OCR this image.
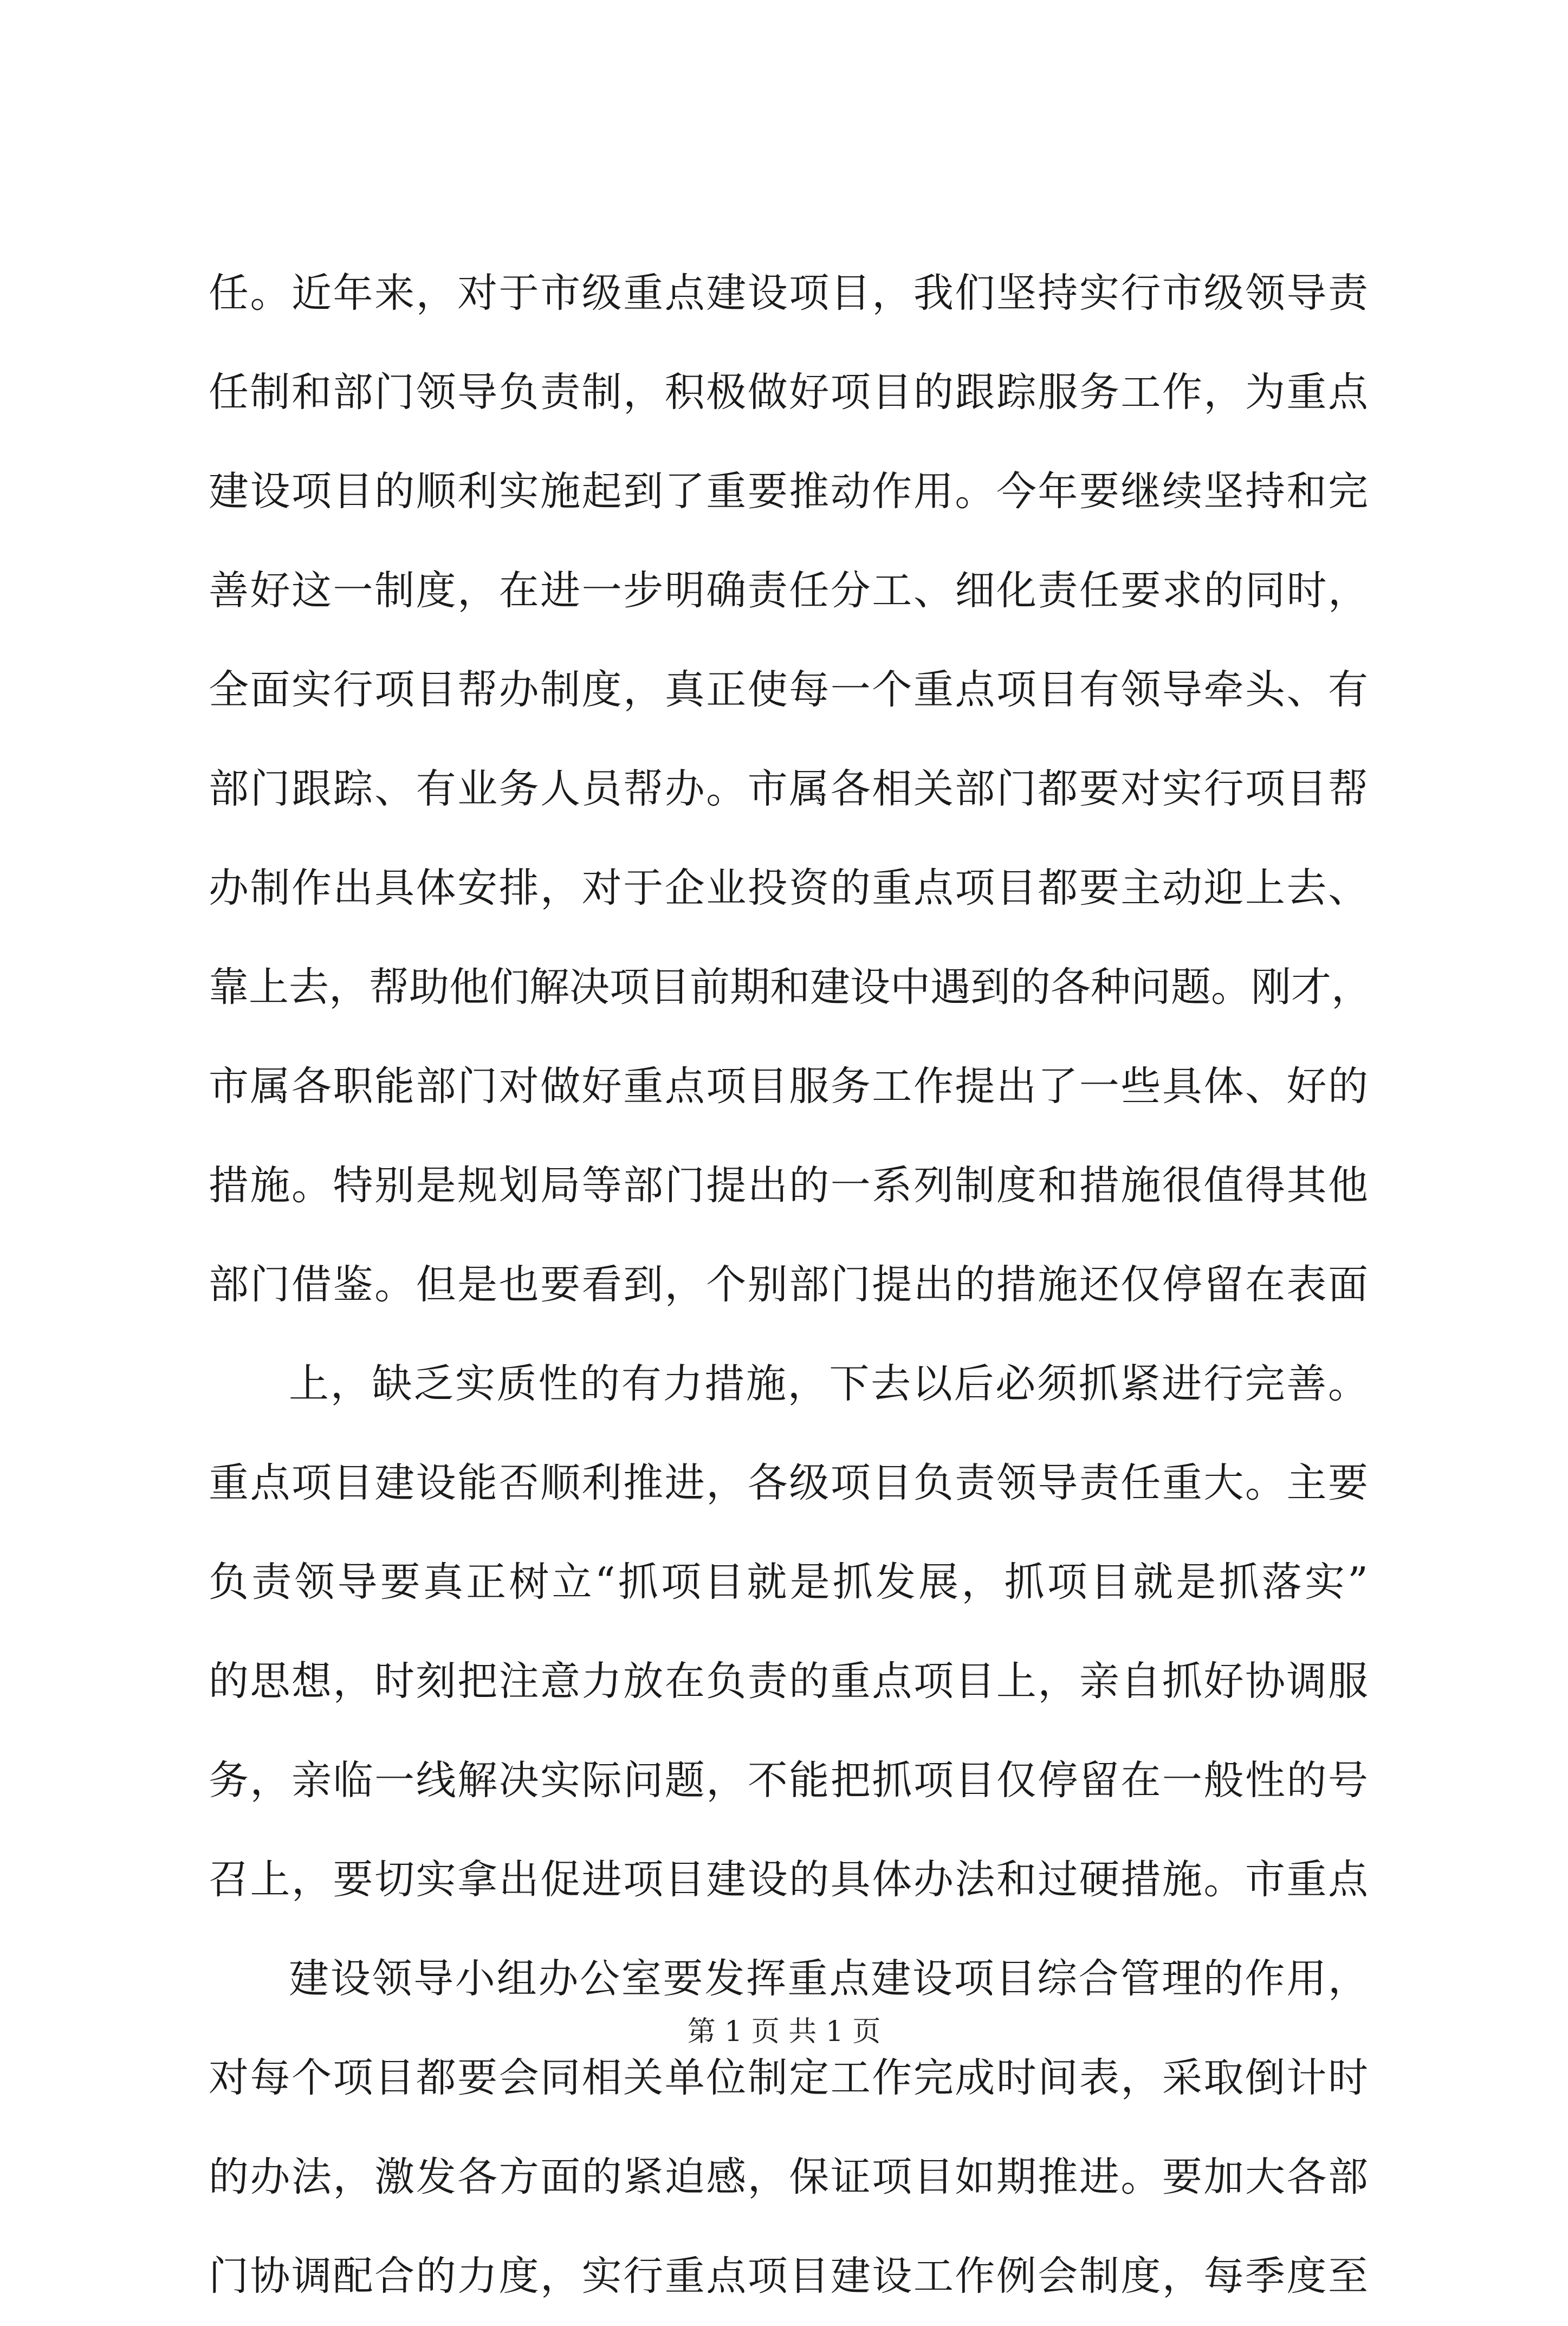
任。近年来，对于市级重点建设项目，我们坚持实行市级领导责
任制和部门领导负责制，积极做好项目的跟踪服务工作，为重点
建设项目的顺利实施起到了重要推动作用。今年要继续坚持和完
善好这一制度，在进一步明确责任分工、细化责任要求的同时，
全面实行项目帮办制度，真正使每一个重点项目有领导牵头、有
部门跟踪、有业务人员帮办。市属各相关部门都要对实行项目帮
办制作出具体安排，对于企业投资的重点项目都要主动迎上去、
靠上去，帮助他们解决项目前期和建设中遇到的各种问题。刚才，
市属各职能部门对做好重点项目服务工作提出了一些具体、好的
措施。特别是规划局等部门提出的一系列制度和措施很值得其他
部门借鉴。但是也要看到，个别部门提出的措施还仅停留在表面
上，缺乏实质性的有力措施，下去以后必须抓紧进行完善。
重点项目建设能否顺利推进，各级项目负责领导责任重大。主要
负责领导要真正树立“抓项目就是抓发展，抓项目就是抓落实”
的思想，时刻把注意力放在负责的重点项目上，亲自抓好协调服
务，亲临一线解决实际问题，不能把抓项目仅停留在一般性的号
召上，要切实拿出促进项目建设的具体办法和过硬措施。市重点
建设领导小组办公室要发挥重点建设项目综合管理的作用，
对每个项目都要会同相关单位制定工作完成时间表，采取倒计时
的办法，激发各方面的紧迫感，保证项目如期推进。要加大各部
门协调配合的力度，实行重点项目建设工作例会制度，每季度至
第 1 页 共 1 页
